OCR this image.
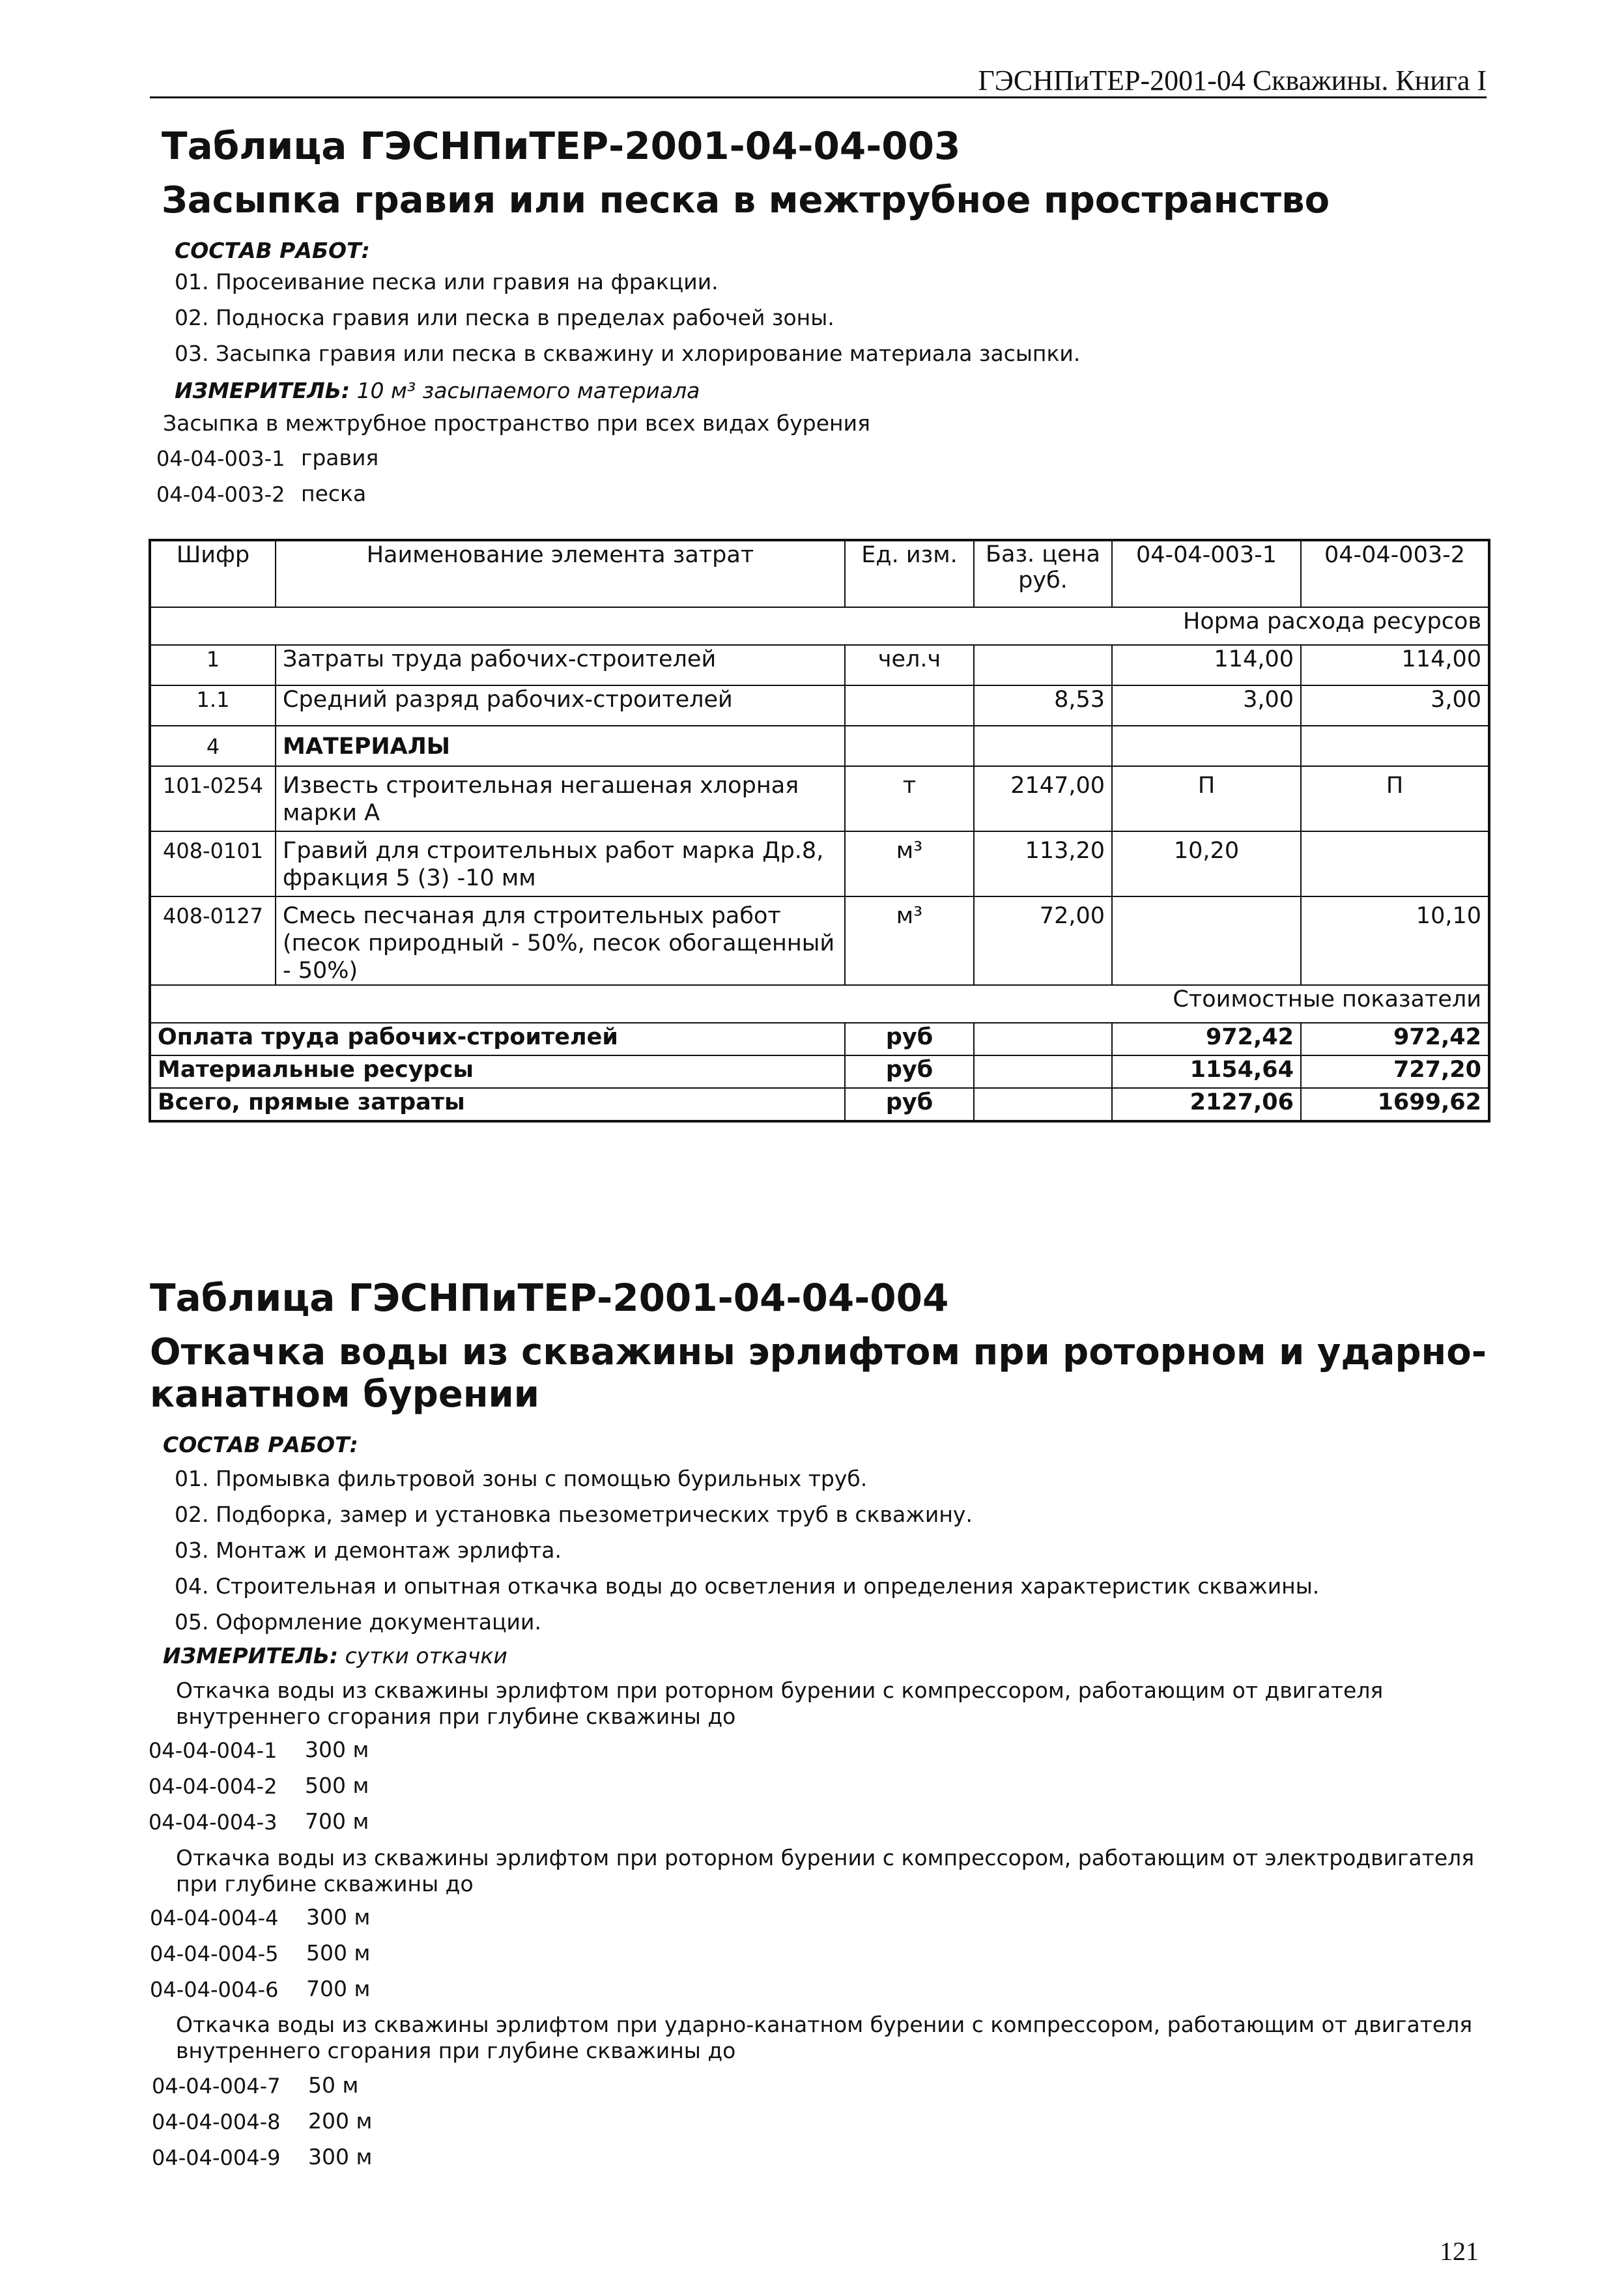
ГЭСНПиТЕР-2001-04 Скважины. Книга I
Таблица ГЭСНПиТЕР-2001-04-04-003
Засыпка гравия или песка в межтрубное пространство
СОСТАВ РАБОТ:
01. Просеивание песка или гравия на фракции.
02. Подноска гравия или песка в пределах рабочей зоны.
03. Засыпка гравия или песка в скважину и хлорирование материала засыпки.
ИЗМЕРИТЕЛЬ: 10 м³ засыпаемого материала
Засыпка в межтрубное пространство при всех видах бурения
04-04-003-1 гравия
04-04-003-2 песка
Шифр	Наименование элемента затрат	Ед. изм.	Баз. цена руб.	04-04-003-1	04-04-003-2
Норма расхода ресурсов					
1	Затраты труда рабочих-строителей	чел.ч		114,00	114,00
1.1	Средний разряд рабочих-строителей		8,53	3,00	3,00
4	МАТЕРИАЛЫ				
101-0254	Известь строительная негашеная хлорная марки А	т	2147,00	П	П
408-0101	Гравий для строительных работ марка Др.8, фракция 5 (3) -10 мм	м³	113,20	10,20	
408-0127	Смесь песчаная для строительных работ (песок природный - 50%, песок обогащенный - 50%)	м³	72,00		10,10
Стоимостные показатели					
Оплата труда рабочих-строителей		руб		972,42	972,42
Материальные ресурсы		руб		1154,64	727,20
Всего, прямые затраты		руб		2127,06	1699,62
Таблица ГЭСНПиТЕР-2001-04-04-004
Откачка воды из скважины эрлифтом при роторном и ударно-
канатном бурении
СОСТАВ РАБОТ:
01. Промывка фильтровой зоны с помощью бурильных труб.
02. Подборка, замер и установка пьезометрических труб в скважину.
03. Монтаж и демонтаж эрлифта.
04. Строительная и опытная откачка воды до осветления и определения характеристик скважины.
05. Оформление документации.
ИЗМЕРИТЕЛЬ: сутки откачки
Откачка воды из скважины эрлифтом при роторном бурении с компрессором, работающим от двигателя
внутреннего сгорания при глубине скважины до
04-04-004-1 300 м
04-04-004-2 500 м
04-04-004-3 700 м
Откачка воды из скважины эрлифтом при роторном бурении с компрессором, работающим от электродвигателя
при глубине скважины до
04-04-004-4 300 м
04-04-004-5 500 м
04-04-004-6 700 м
Откачка воды из скважины эрлифтом при ударно-канатном бурении с компрессором, работающим от двигателя
внутреннего сгорания при глубине скважины до
04-04-004-7 50 м
04-04-004-8 200 м
04-04-004-9 300 м
121
